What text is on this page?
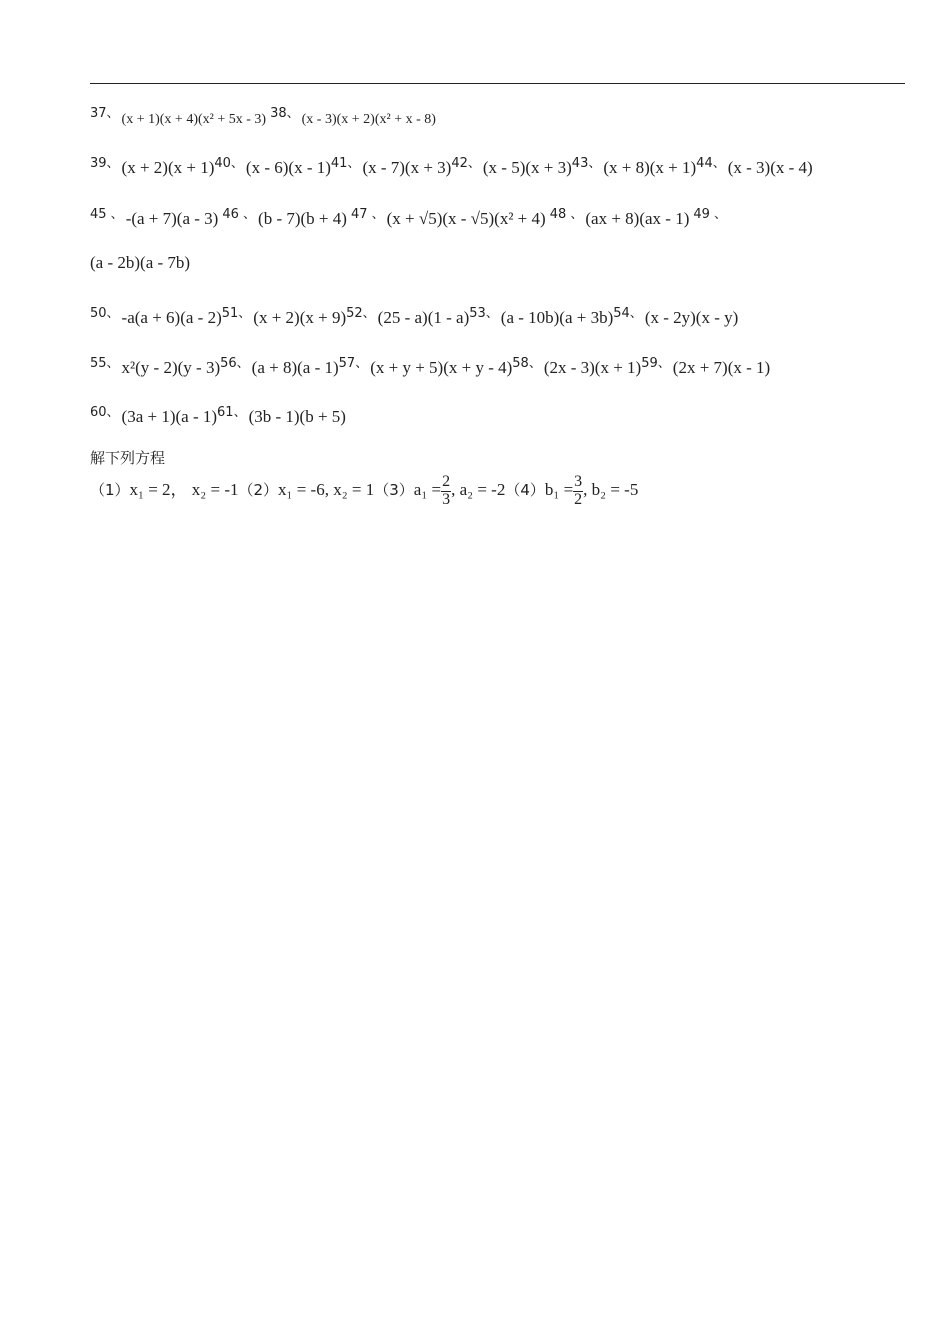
$^{37、}$ (x + 1)(x + 4)(x² + 5x - 3) $^{38、}$ (x - 3)(x + 2)(x² + x - 8)
$^{39、}$ $(x + 2)(x + 1)^{40、}$ (x - 6)(x - 1)$^{41、}$ $(x - 7)(x + 3)^{42、}$ $(x - 5)(x + 3)^{43、}$ $(x + 8)(x + 1)^{44、}$ (x - 3)(x - 4)
$^{45 、}$ -(a + 7)(a - 3) $^{46 、}$ (b - 7)(b + 4) $^{47 、}$ (x + √5)(x - √5)(x² + 4) $^{48 、}$ (ax + 8)(ax - 1) $^{49 、}$
(a - 2b)(a - 7b)
$^{50、}$ -a(a + 6)(a - 2)$^{51、}$ $(x + 2)(x + 9)^{52、}$ (25 - a)(1 - a)$^{53、}$ $(a - 10b)(a + 3b)^{54、}$ (x - 2y)(x - y)
$^{55、}$ x²(y - 2)(y - 3)$^{56、}$ (a + 8)(a - 1)$^{57、}$ $(x + y + 5)(x + y - 4)^{58、}$ $(2x - 3)(x + 1)^{59、}$ (2x + 7)(x - 1)
$^{60、}$ (3a + 1)(a - 1)$^{61、}$ (3b - 1)(b + 5)
解下列方程
（1）x₁ = 2， x₂ = -1（2）x₁ = -6, $x_2 = 1(3)a_1 = \frac{2}{3}$ , $a_2 = -2(4)b_1 = \frac{3}{2}$ , b₂ = -5
